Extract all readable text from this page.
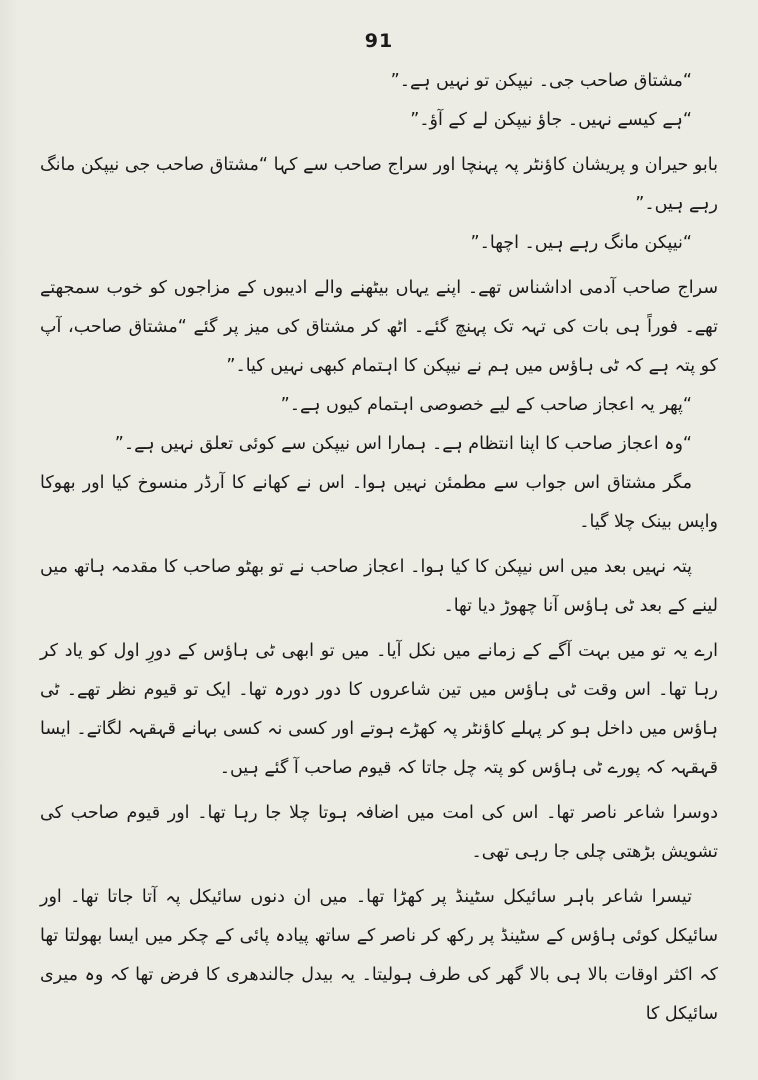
91

“مشتاق صاحب جی۔ نیپکن تو نہیں ہے۔”

“ہے کیسے نہیں۔ جاؤ نیپکن لے کے آؤ۔”

بابو حیران و پریشان کاؤنٹر پہ پہنچا اور سراج صاحب سے کہا “مشتاق صاحب جی نیپکن مانگ رہے ہیں۔”

“نیپکن مانگ رہے ہیں۔ اچھا۔”

سراج صاحب آدمی اداشناس تھے۔ اپنے یہاں بیٹھنے والے ادیبوں کے مزاجوں کو خوب سمجھتے تھے۔ فوراً ہی بات کی تہہ تک پہنچ گئے۔ اٹھ کر مشتاق کی میز پر گئے “مشتاق صاحب، آپ کو پتہ ہے کہ ٹی ہاؤس میں ہم نے نیپکن کا اہتمام کبھی نہیں کیا۔”

“پھر یہ اعجاز صاحب کے لیے خصوصی اہتمام کیوں ہے۔”

“وہ اعجاز صاحب کا اپنا انتظام ہے۔ ہمارا اس نیپکن سے کوئی تعلق نہیں ہے۔”

مگر مشتاق اس جواب سے مطمئن نہیں ہوا۔ اس نے کھانے کا آرڈر منسوخ کیا اور بھوکا واپس بینک چلا گیا۔

پتہ نہیں بعد میں اس نیپکن کا کیا ہوا۔ اعجاز صاحب نے تو بھٹو صاحب کا مقدمہ ہاتھ میں لینے کے بعد ٹی ہاؤس آنا چھوڑ دیا تھا۔

ارے یہ تو میں بہت آگے کے زمانے میں نکل آیا۔ میں تو ابھی ٹی ہاؤس کے دورِ اول کو یاد کر رہا تھا۔ اس وقت ٹی ہاؤس میں تین شاعروں کا دور دورہ تھا۔ ایک تو قیوم نظر تھے۔ ٹی ہاؤس میں داخل ہو کر پہلے کاؤنٹر پہ کھڑے ہوتے اور کسی نہ کسی بہانے قہقہہ لگاتے۔ ایسا قہقہہ کہ پورے ٹی ہاؤس کو پتہ چل جاتا کہ قیوم صاحب آ گئے ہیں۔

دوسرا شاعر ناصر تھا۔ اس کی امت میں اضافہ ہوتا چلا جا رہا تھا۔ اور قیوم صاحب کی تشویش بڑھتی چلی جا رہی تھی۔

تیسرا شاعر باہر سائیکل سٹینڈ پر کھڑا تھا۔ میں ان دنوں سائیکل پہ آتا جاتا تھا۔ اور سائیکل کوئی ہاؤس کے سٹینڈ پر رکھ کر ناصر کے ساتھ پیادہ پائی کے چکر میں ایسا بھولتا تھا کہ اکثر اوقات بالا ہی بالا گھر کی طرف ہولیتا۔ یہ بیدل جالندھری کا فرض تھا کہ وہ میری سائیکل کا
